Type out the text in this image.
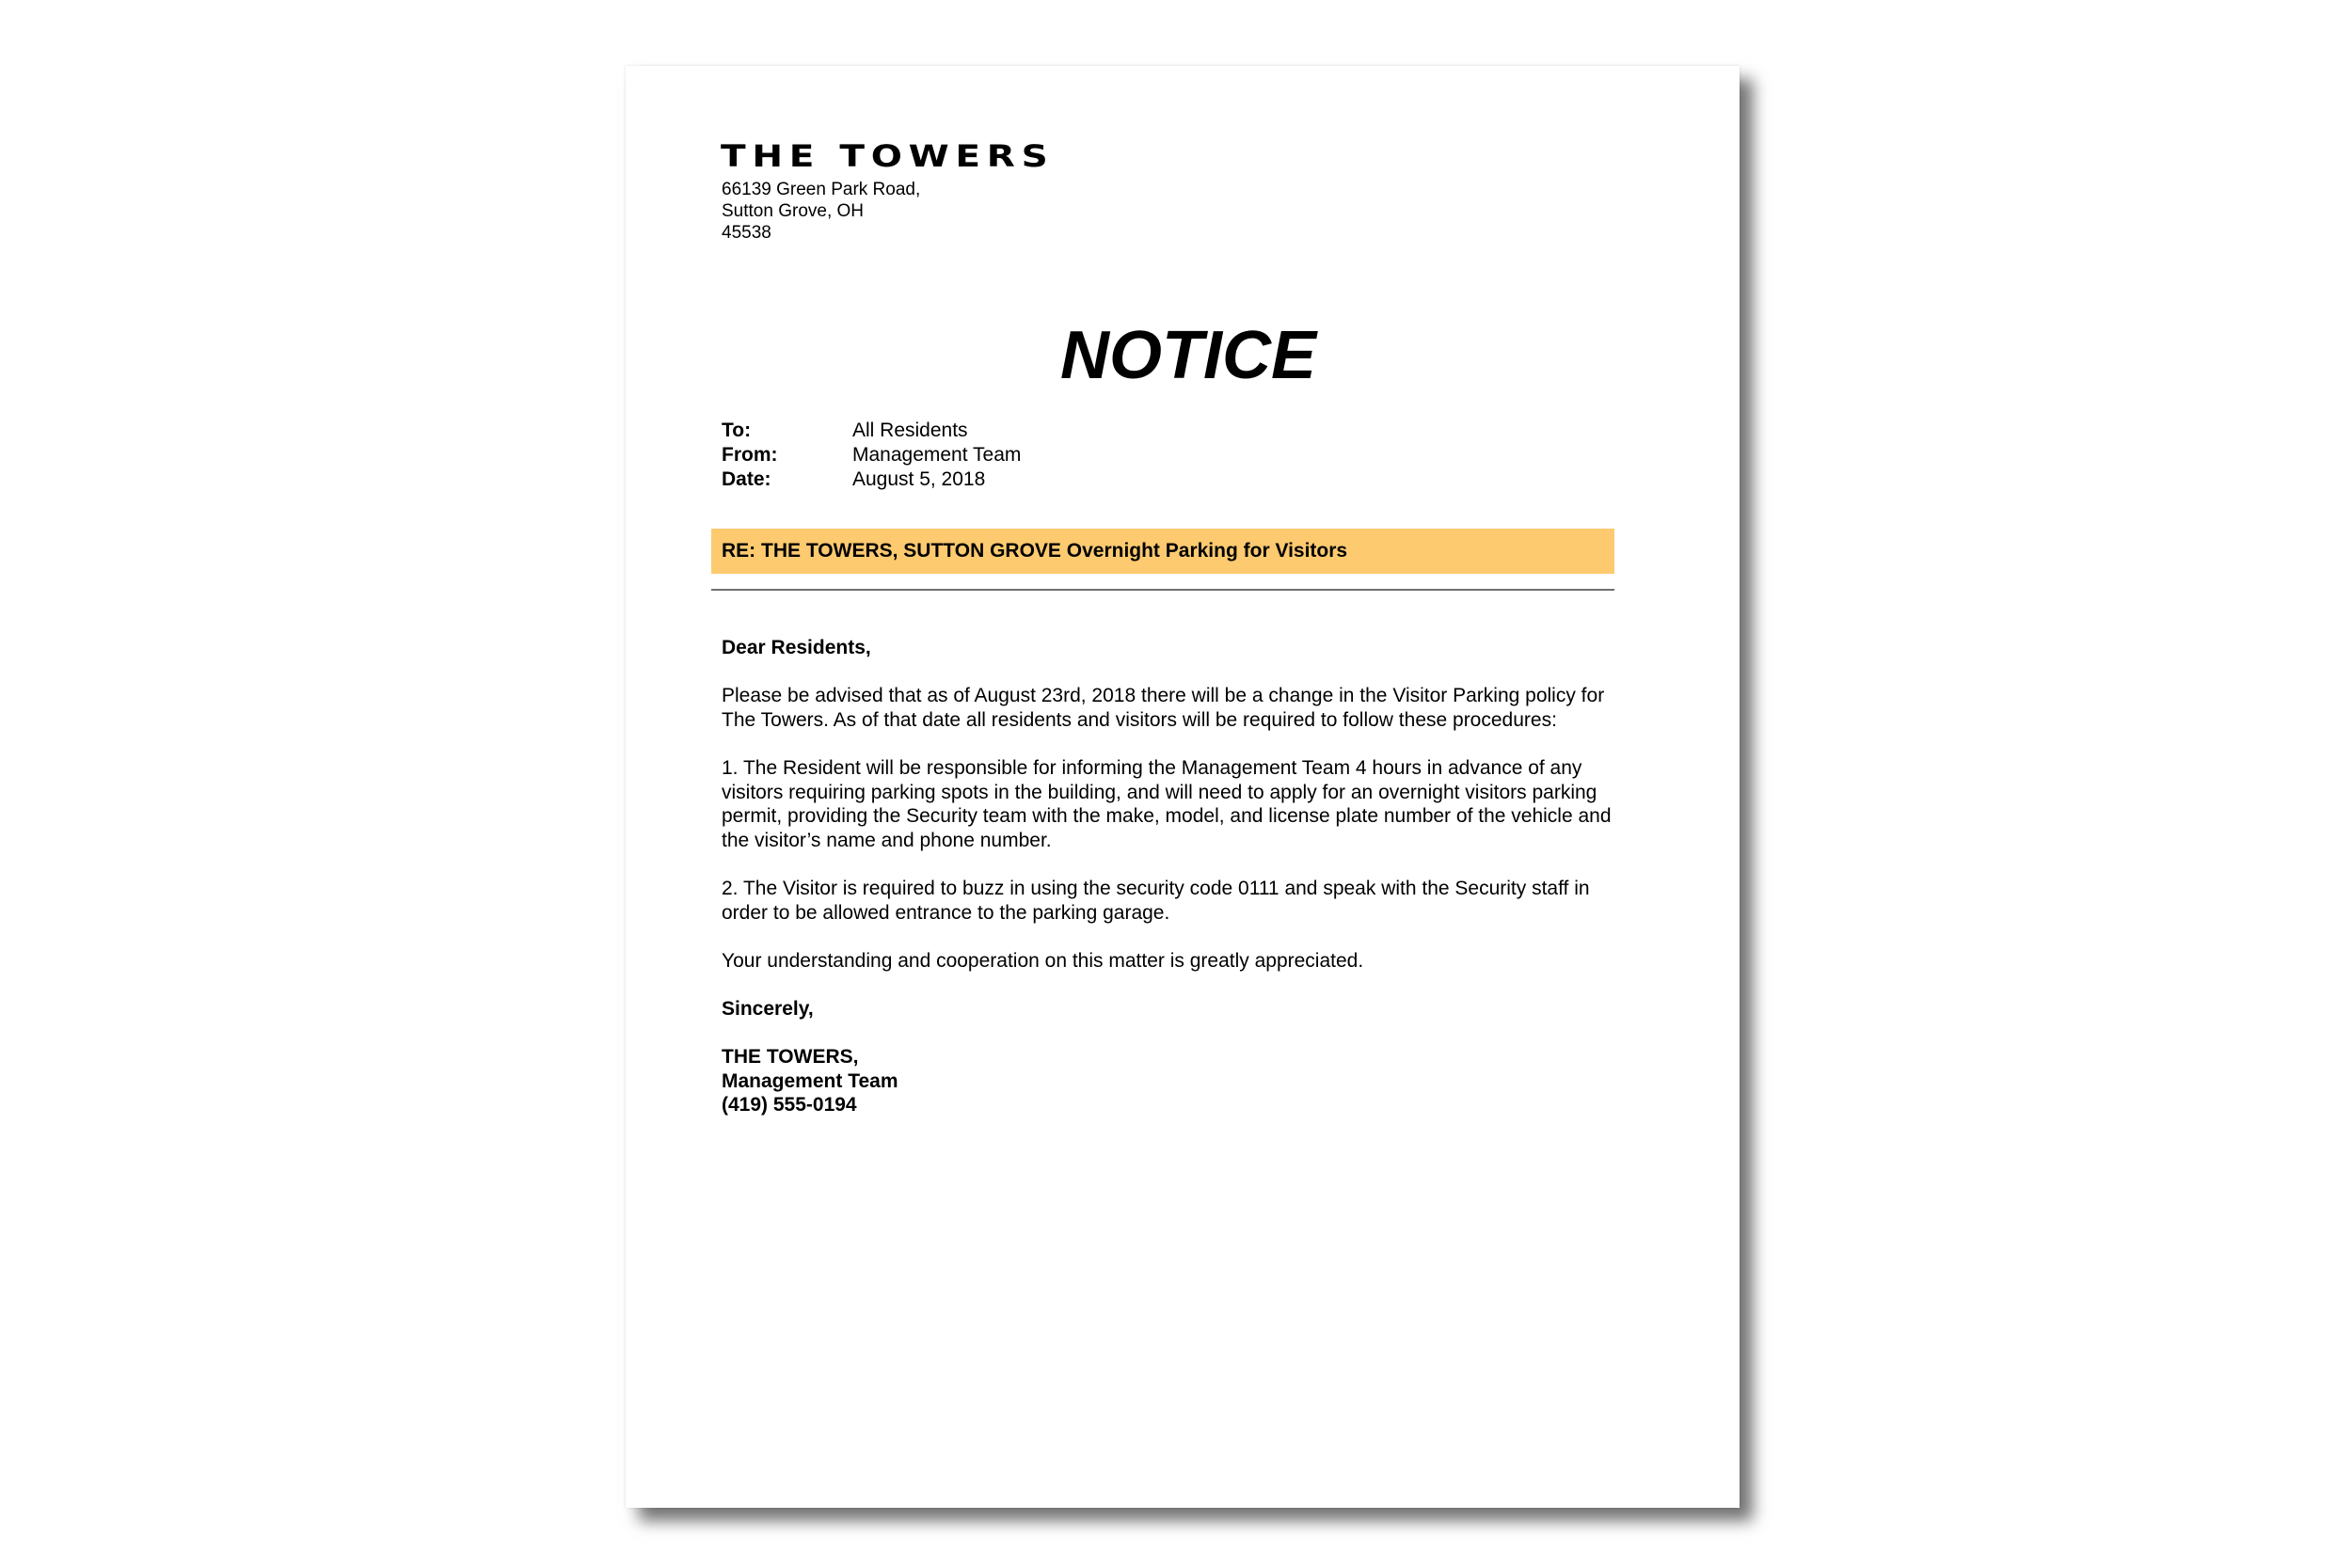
THE TOWERS
66139 Green Park Road,
Sutton Grove, OH
45538
NOTICE
To:	All Residents
From:	Management Team
Date:	August 5, 2018
RE: THE TOWERS, SUTTON GROVE Overnight Parking for Visitors

Dear Residents,

Please be advised that as of August 23rd, 2018 there will be a change in the Visitor Parking policy for The Towers. As of that date all residents and visitors will be required to follow these procedures:

1. The Resident will be responsible for informing the Management Team 4 hours in advance of any visitors requiring parking spots in the building, and will need to apply for an overnight visitors parking permit, providing the Security team with the make, model, and license plate number of the vehicle and the visitor’s name and phone number.

2. The Visitor is required to buzz in using the security code 0111 and speak with the Security staff in order to be allowed entrance to the parking garage.

Your understanding and cooperation on this matter is greatly appreciated.

Sincerely,

THE TOWERS,
Management Team
(419) 555-0194
